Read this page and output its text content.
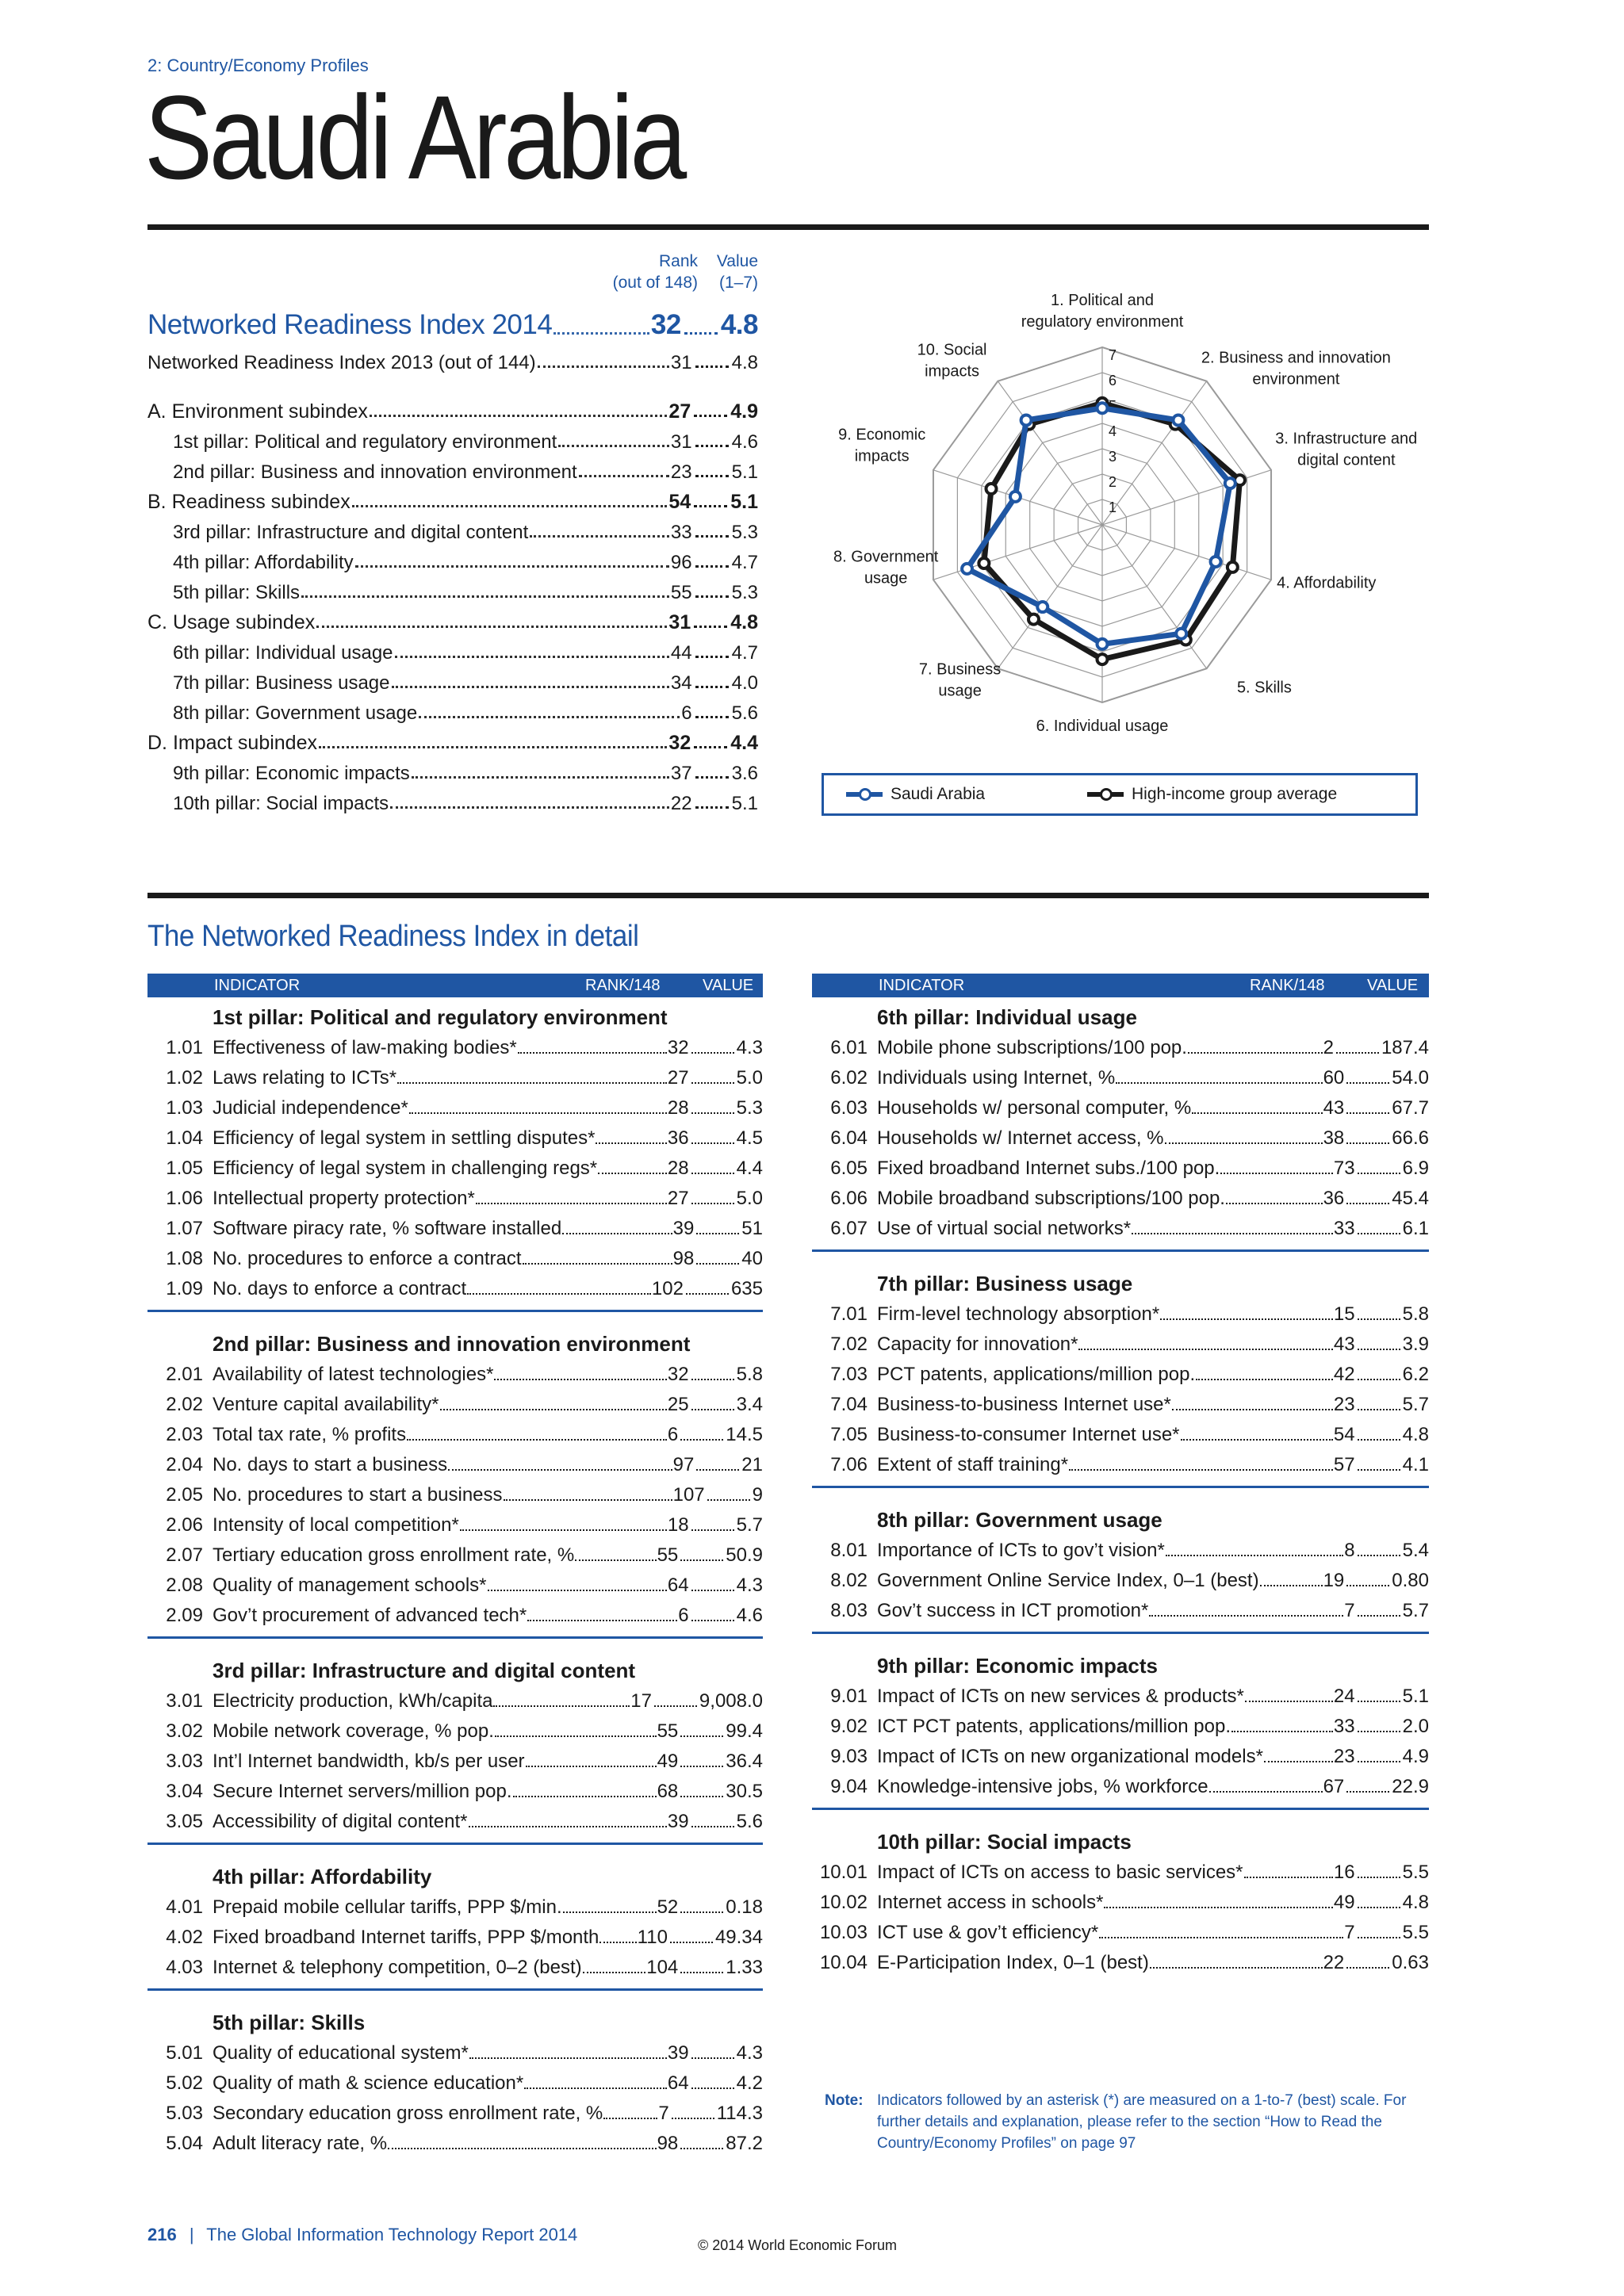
2: Country/Economy Profiles
Saudi Arabia
Rank
(out of 148)
Value
(1–7)
Networked Readiness Index 2014	32 4.8
Networked Readiness Index 2013 (out of 144)	31 4.8
A. Environment subindex	27 4.9
1st pillar: Political and regulatory environment	31 4.6
2nd pillar: Business and innovation environment	23 5.1
B. Readiness subindex	54 5.1
3rd pillar: Infrastructure and digital content	33 5.3
4th pillar: Affordability	96 4.7
5th pillar: Skills	55 5.3
C. Usage subindex	31 4.8
6th pillar: Individual usage	44 4.7
7th pillar: Business usage	34 4.0
8th pillar: Government usage	6 5.6
D. Impact subindex	32 4.4
9th pillar: Economic impacts	37 3.6
10th pillar: Social impacts	22 5.1
1
2
3
4
5
6
7
1. Political and
regulatory environment
2. Business and innovation
environment
3. Infrastructure and
digital content
4. Affordability
5. Skills
6. Individual usage
7. Business
usage
8. Government
usage
9. Economic
impacts
10. Social
impacts
Saudi Arabia	High-income group average
The Networked Readiness Index in detail
INDICATOR	RANK/148	VALUE	INDICATOR	RANK/148	VALUE
1st pillar: Political and regulatory environment
1.01 Effectiveness of law-making bodies*	32	4.3
1.02 Laws relating to ICTs*	27	5.0
1.03 Judicial independence*	28	5.3
1.04 Efficiency of legal system in settling disputes*	36	4.5
1.05 Efficiency of legal system in challenging regs*	28	4.4
1.06 Intellectual property protection*	27	5.0
1.07 Software piracy rate, % software installed	39	51
1.08 No. procedures to enforce a contract	98	40
1.09 No. days to enforce a contract	102	635
2nd pillar: Business and innovation environment
2.01 Availability of latest technologies*	32	5.8
2.02 Venture capital availability*	25	3.4
2.03 Total tax rate, % profits	6	14.5
2.04 No. days to start a business	97	21
2.05 No. procedures to start a business	107	9
2.06 Intensity of local competition*	18	5.7
2.07 Tertiary education gross enrollment rate, %	55	50.9
2.08 Quality of management schools*	64	4.3
2.09 Gov’t procurement of advanced tech*	6	4.6
3rd pillar: Infrastructure and digital content
3.01 Electricity production, kWh/capita	17	9,008.0
3.02 Mobile network coverage, % pop.	55	99.4
3.03 Int’l Internet bandwidth, kb/s per user	49	36.4
3.04 Secure Internet servers/million pop.	68	30.5
3.05 Accessibility of digital content*	39	5.6
4th pillar: Affordability
4.01 Prepaid mobile cellular tariffs, PPP $/min.	52	0.18
4.02 Fixed broadband Internet tariffs, PPP $/month 110	49.34
4.03 Internet & telephony competition, 0–2 (best)	104	1.33
5th pillar: Skills
5.01 Quality of educational system*	39	4.3
5.02 Quality of math & science education*	64	4.2
5.03 Secondary education gross enrollment rate, %	7	114.3
5.04 Adult literacy rate, %	98	87.2
6th pillar: Individual usage
6.01 Mobile phone subscriptions/100 pop.	2	187.4
6.02 Individuals using Internet, %	60	54.0
6.03 Households w/ personal computer, %	43	67.7
6.04 Households w/ Internet access, %	38	66.6
6.05 Fixed broadband Internet subs./100 pop.	73	6.9
6.06 Mobile broadband subscriptions/100 pop.	36	45.4
6.07 Use of virtual social networks*	33	6.1
7th pillar: Business usage
7.01 Firm-level technology absorption*	15	5.8
7.02 Capacity for innovation*	43	3.9
7.03 PCT patents, applications/million pop.	42	6.2
7.04 Business-to-business Internet use*	23	5.7
7.05 Business-to-consumer Internet use*	54	4.8
7.06 Extent of staff training*	57	4.1
8th pillar: Government usage
8.01 Importance of ICTs to gov’t vision*	8	5.4
8.02 Government Online Service Index, 0–1 (best)	19	0.80
8.03 Gov’t success in ICT promotion*	7	5.7
9th pillar: Economic impacts
9.01 Impact of ICTs on new services & products*	24	5.1
9.02 ICT PCT patents, applications/million pop.	33	2.0
9.03 Impact of ICTs on new organizational models*	23	4.9
9.04 Knowledge-intensive jobs, % workforce	67	22.9
10th pillar: Social impacts
10.01 Impact of ICTs on access to basic services*	16	5.5
10.02 Internet access in schools*	49	4.8
10.03 ICT use & gov’t efficiency*	7	5.5
10.04 E-Participation Index, 0–1 (best)	22	0.63
Note: Indicators followed by an asterisk (*) are measured on a 1-to-7 (best) scale. For further details and explanation, please refer to the section “How to Read the Country/Economy Profiles” on page 97
216 | The Global Information Technology Report 2014
© 2014 World Economic Forum
